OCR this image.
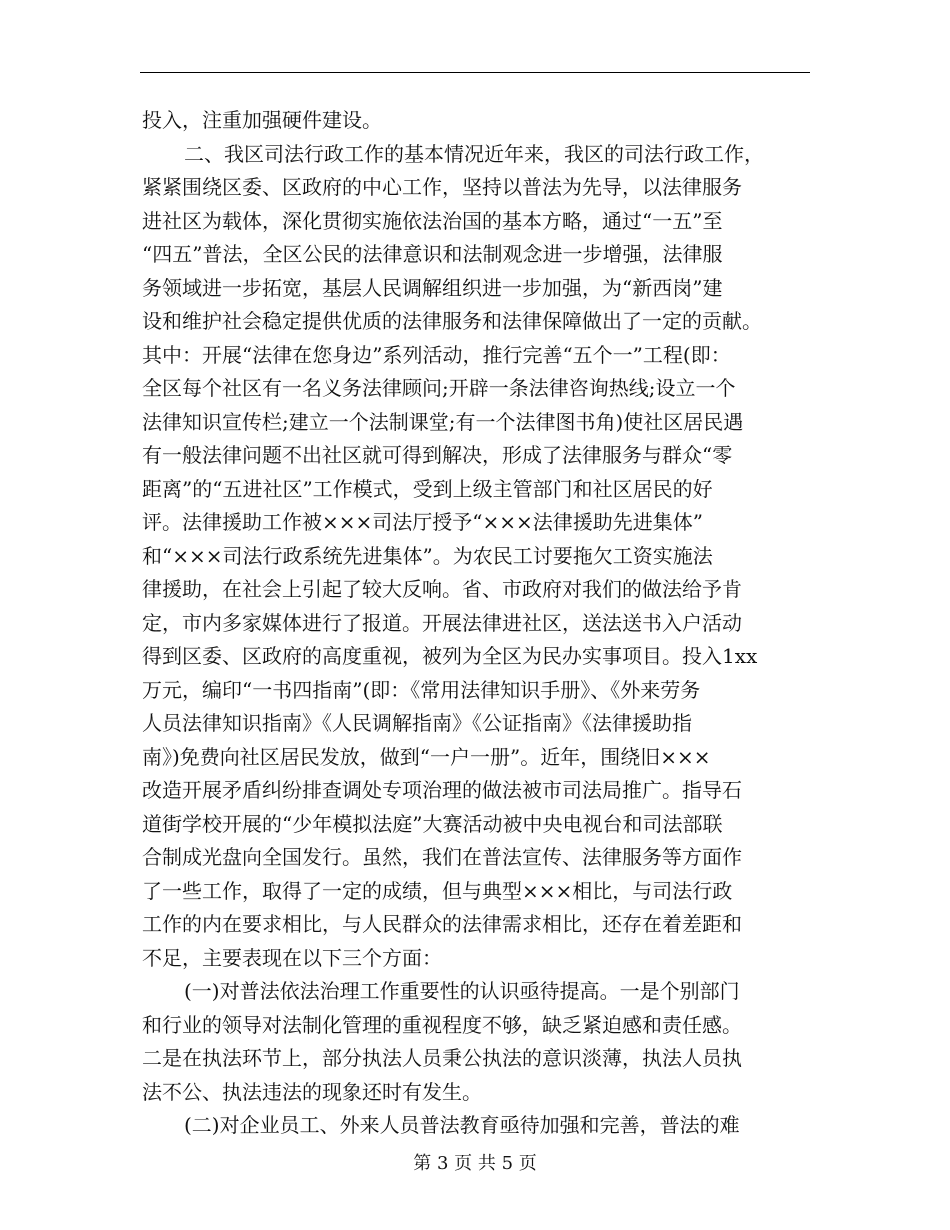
投入，注重加强硬件建设。
二、我区司法行政工作的基本情况近年来，我区的司法行政工作，
紧紧围绕区委、区政府的中心工作，坚持以普法为先导，以法律服务
进社区为载体，深化贯彻实施依法治国的基本方略，通过“一五”至
“四五”普法，全区公民的法律意识和法制观念进一步增强，法律服
务领域进一步拓宽，基层人民调解组织进一步加强，为“新西岗”建
设和维护社会稳定提供优质的法律服务和法律保障做出了一定的贡献。
其中：开展“法律在您身边”系列活动，推行完善“五个一”工程(即：
全区每个社区有一名义务法律顾问;开辟一条法律咨询热线;设立一个
法律知识宣传栏;建立一个法制课堂;有一个法律图书角)使社区居民遇
有一般法律问题不出社区就可得到解决，形成了法律服务与群众“零
距离”的“五进社区”工作模式，受到上级主管部门和社区居民的好
评。法律援助工作被×××司法厅授予“×××法律援助先进集体”
和“×××司法行政系统先进集体”。为农民工讨要拖欠工资实施法
律援助，在社会上引起了较大反响。省、市政府对我们的做法给予肯
定，市内多家媒体进行了报道。开展法律进社区，送法送书入户活动
得到区委、区政府的高度重视，被列为全区为民办实事项目。投入1xx
万元，编印“一书四指南”(即：《常用法律知识手册》、《外来劳务
人员法律知识指南》《人民调解指南》《公证指南》《法律援助指
南》)免费向社区居民发放，做到“一户一册”。近年，围绕旧×××
改造开展矛盾纠纷排查调处专项治理的做法被市司法局推广。指导石
道街学校开展的“少年模拟法庭”大赛活动被中央电视台和司法部联
合制成光盘向全国发行。虽然，我们在普法宣传、法律服务等方面作
了一些工作，取得了一定的成绩，但与典型×××相比，与司法行政
工作的内在要求相比，与人民群众的法律需求相比，还存在着差距和
不足，主要表现在以下三个方面：
(一)对普法依法治理工作重要性的认识亟待提高。一是个别部门
和行业的领导对法制化管理的重视程度不够，缺乏紧迫感和责任感。
二是在执法环节上，部分执法人员秉公执法的意识淡薄，执法人员执
法不公、执法违法的现象还时有发生。
(二)对企业员工、外来人员普法教育亟待加强和完善，普法的难
第 3 页 共 5 页
